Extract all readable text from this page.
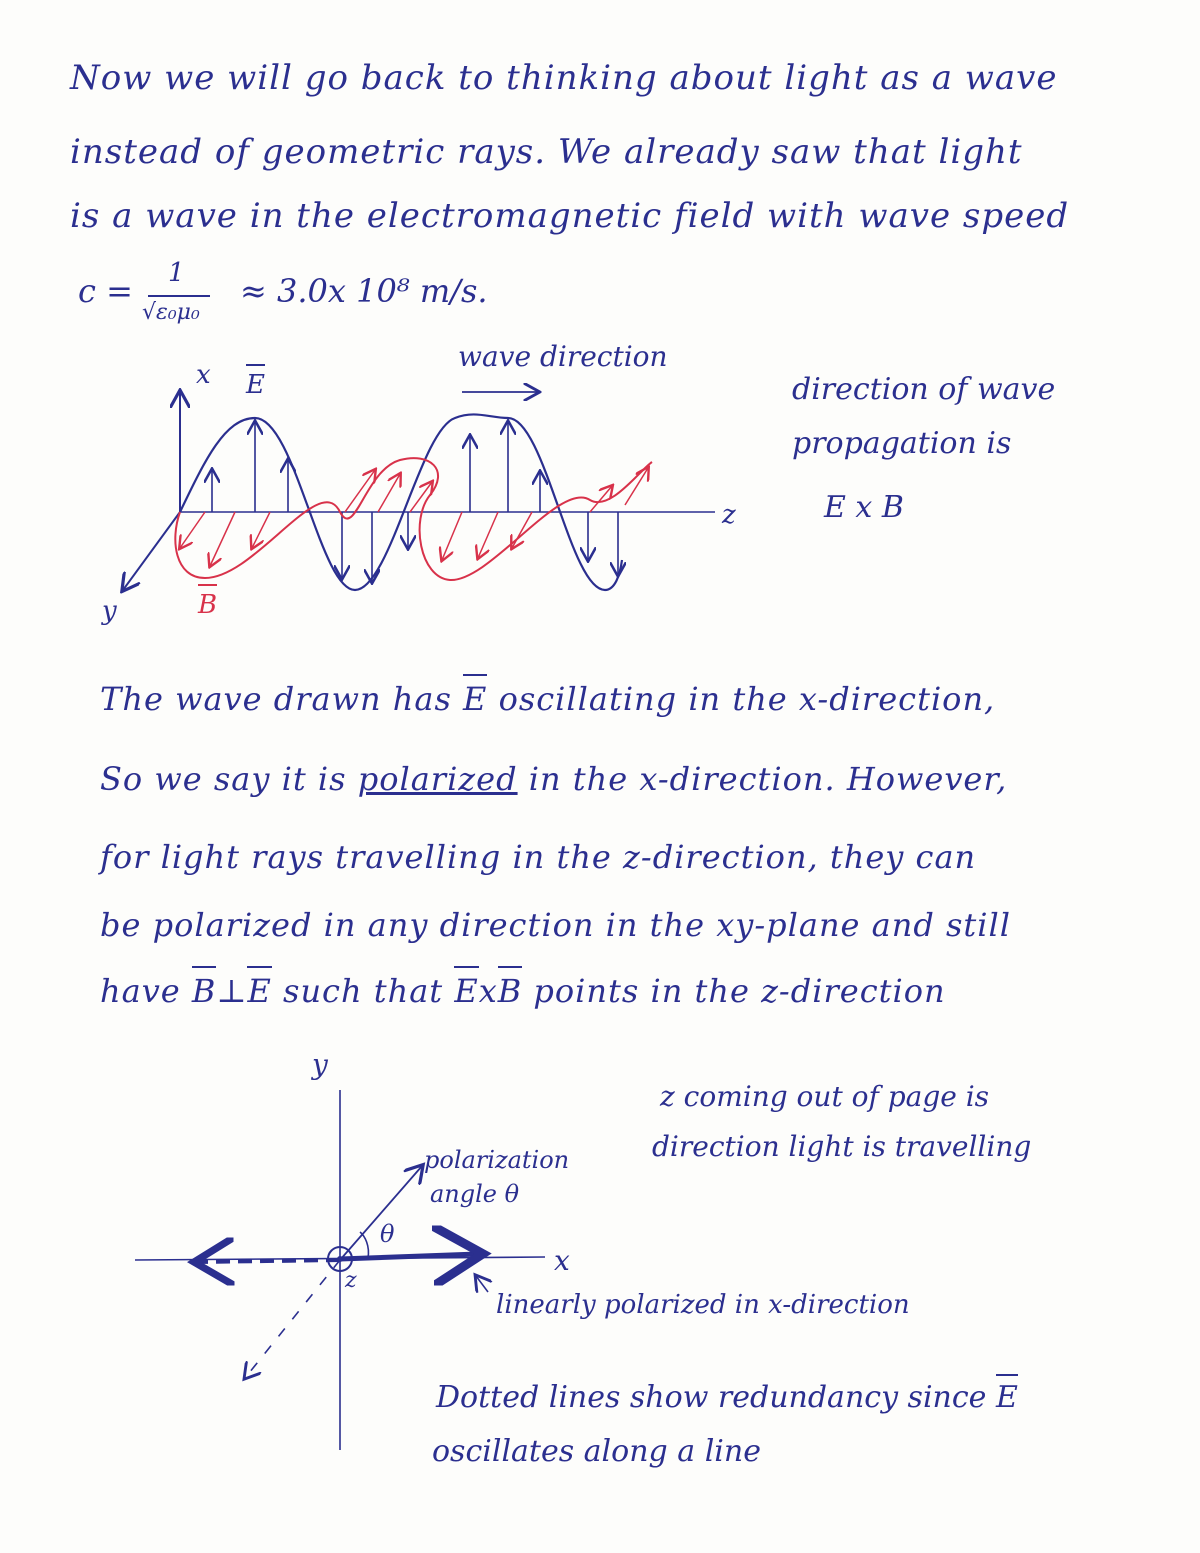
Now we will go back to thinking about light as a wave
instead of geometric rays. We already saw that light
is a wave in the electromagnetic field with wave speed
c = 1
√ε₀μ₀
≈ 3.0x 10⁸ m/s.
wave direction
x E
y	B
z
direction of wave
propagation is
E x B
The wave drawn has E oscillating in the x-direction,
So we say it is polarized in the x-direction. However,
for light rays travelling in the z-direction, they can
be polarized in any direction in the xy-plane and still
have B⊥E such that ExB points in the z-direction
y
x
z
θ
polarization
angle θ
z coming out of page is
direction light is travelling
linearly polarized in x-direction
Dotted lines show redundancy since E
oscillates along a line
